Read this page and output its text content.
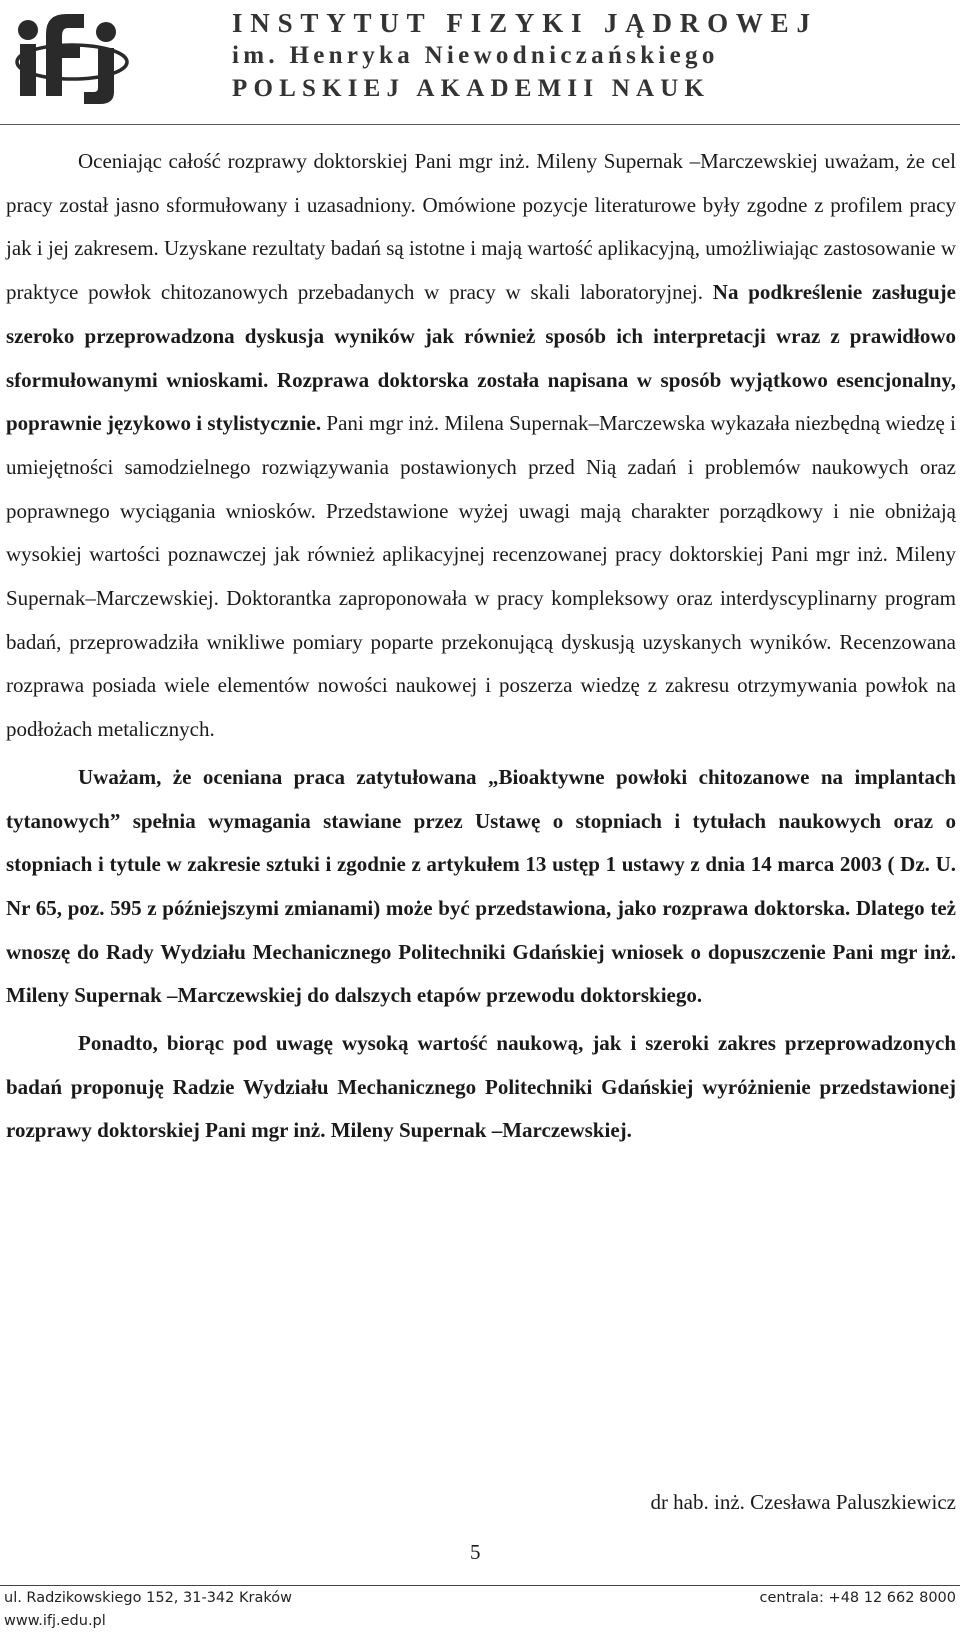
INSTYTUT FIZYKI JĄDROWEJ
im. Henryka Niewodniczańskiego
POLSKIEJ AKADEMII NAUK

Oceniając całość rozprawy doktorskiej Pani mgr inż. Mileny Supernak –Marczewskiej uważam, że cel pracy został jasno sformułowany i uzasadniony. Omówione pozycje literaturowe były zgodne z profilem pracy jak i jej zakresem. Uzyskane rezultaty badań są istotne i mają wartość aplikacyjną, umożliwiając zastosowanie w praktyce powłok chitozanowych przebadanych w pracy w skali laboratoryjnej. Na podkreślenie zasługuje szeroko przeprowadzona dyskusja wyników jak również sposób ich interpretacji wraz z prawidłowo sformułowanymi wnioskami. Rozprawa doktorska została napisana w sposób wyjątkowo esencjonalny, poprawnie językowo i stylistycznie. Pani mgr inż. Milena Supernak–Marczewska wykazała niezbędną wiedzę i umiejętności samodzielnego rozwiązywania postawionych przed Nią zadań i problemów naukowych oraz poprawnego wyciągania wniosków. Przedstawione wyżej uwagi mają charakter porządkowy i nie obniżają wysokiej wartości poznawczej jak również aplikacyjnej recenzowanej pracy doktorskiej Pani mgr inż. Mileny Supernak–Marczewskiej. Doktorantka zaproponowała w pracy kompleksowy oraz interdyscyplinarny program badań, przeprowadziła wnikliwe pomiary poparte przekonującą dyskusją uzyskanych wyników. Recenzowana rozprawa posiada wiele elementów nowości naukowej i poszerza wiedzę z zakresu otrzymywania powłok na podłożach metalicznych.

Uważam, że oceniana praca zatytułowana „Bioaktywne powłoki chitozanowe na implantach tytanowych” spełnia wymagania stawiane przez Ustawę o stopniach i tytułach naukowych oraz o stopniach i tytule w zakresie sztuki i zgodnie z artykułem 13 ustęp 1 ustawy z dnia 14 marca 2003 ( Dz. U. Nr 65, poz. 595 z późniejszymi zmianami) może być przedstawiona, jako rozprawa doktorska. Dlatego też wnoszę do Rady Wydziału Mechanicznego Politechniki Gdańskiej wniosek o dopuszczenie Pani mgr inż. Mileny Supernak –Marczewskiej do dalszych etapów przewodu doktorskiego.

Ponadto, biorąc pod uwagę wysoką wartość naukową, jak i szeroki zakres przeprowadzonych badań proponuję Radzie Wydziału Mechanicznego Politechniki Gdańskiej wyróżnienie przedstawionej rozprawy doktorskiej Pani mgr inż. Mileny Supernak –Marczewskiej.

dr hab. inż. Czesława Paluszkiewicz
5
ul. Radzikowskiego 152, 31-342 Kraków
www.ifj.edu.pl
centrala: +48 12 662 8000
